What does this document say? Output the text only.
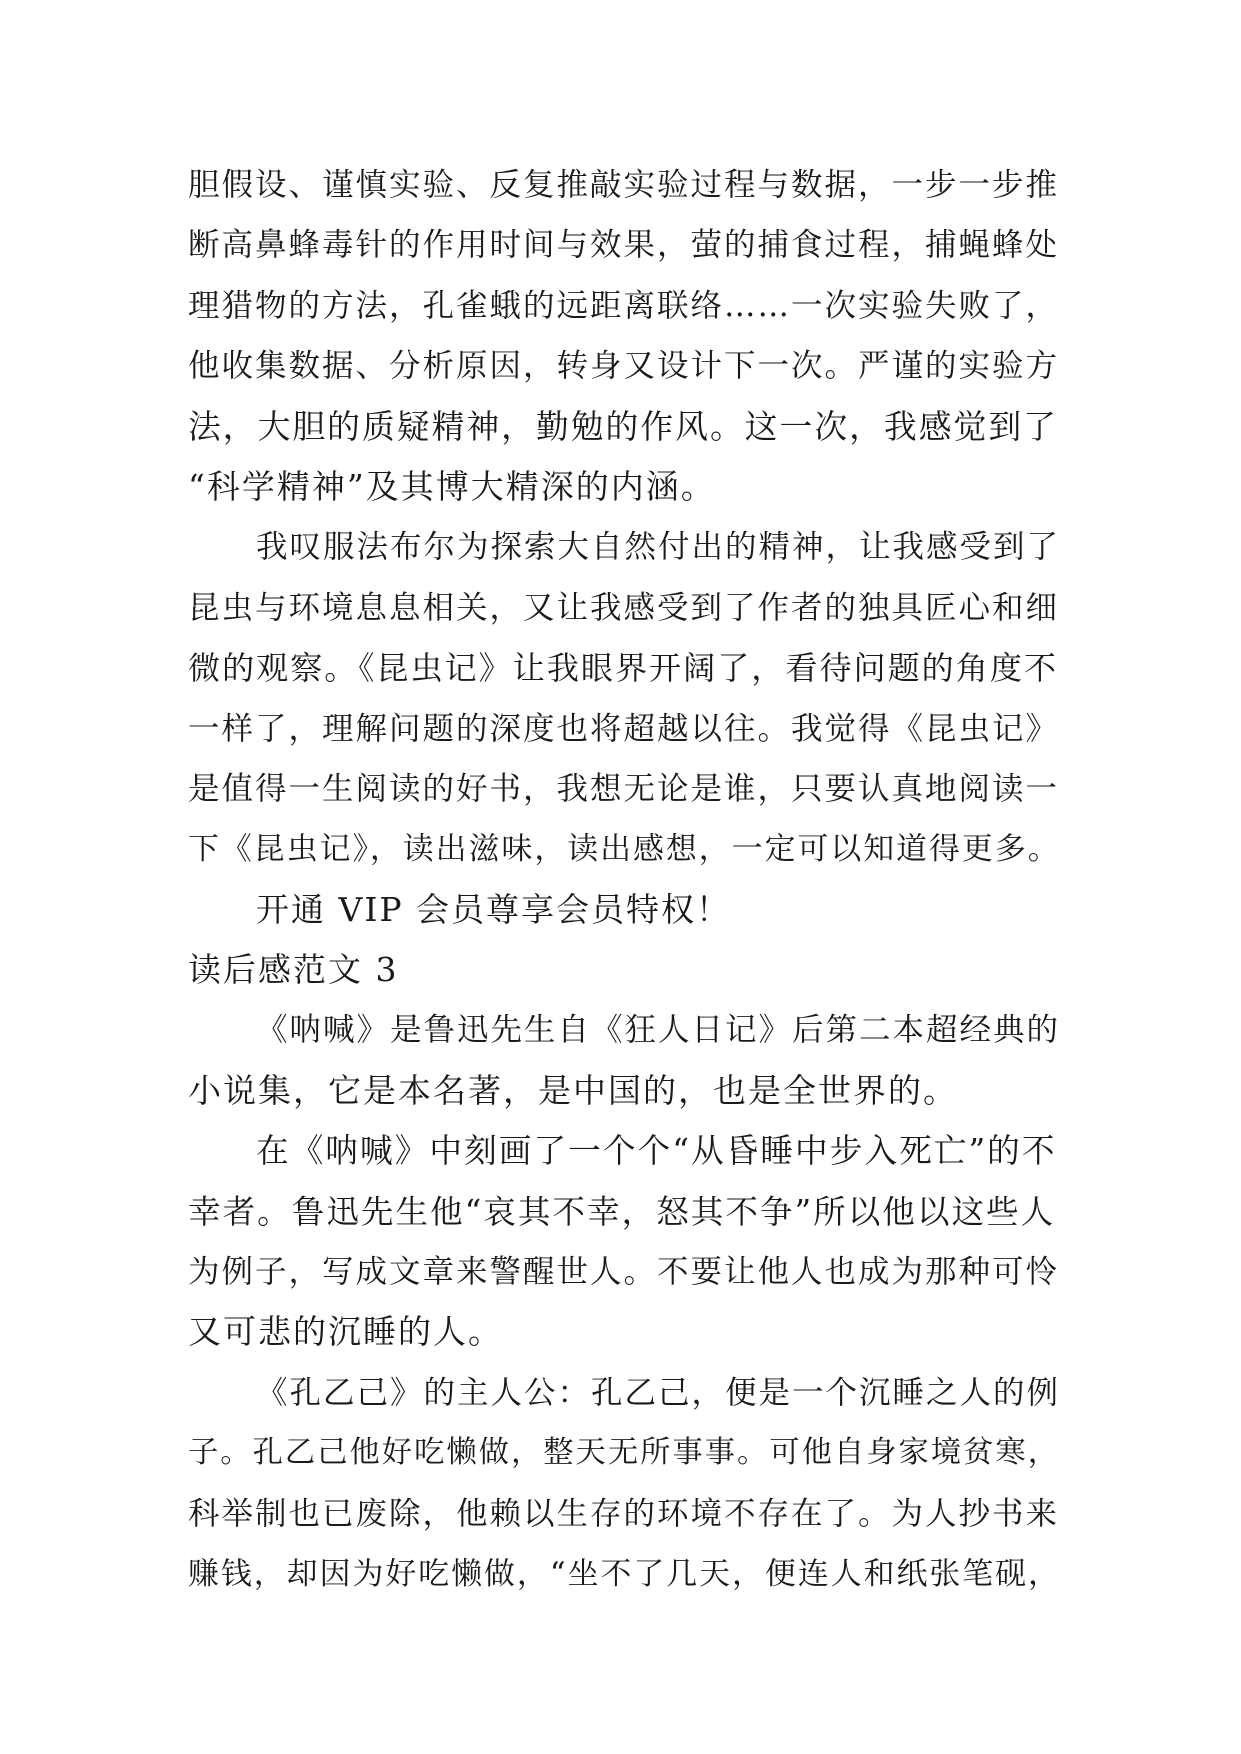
胆假设、谨慎实验、反复推敲实验过程与数据，一步一步推
断高鼻蜂毒针的作用时间与效果，萤的捕食过程，捕蝇蜂处
理猎物的方法，孔雀蛾的远距离联络……一次实验失败了，
他收集数据、分析原因，转身又设计下一次。严谨的实验方
法，大胆的质疑精神，勤勉的作风。这一次，我感觉到了
“科学精神”及其博大精深的内涵。
我叹服法布尔为探索大自然付出的精神，让我感受到了
昆虫与环境息息相关，又让我感受到了作者的独具匠心和细
微的观察。《昆虫记》让我眼界开阔了，看待问题的角度不
一样了，理解问题的深度也将超越以往。我觉得《昆虫记》
是值得一生阅读的好书，我想无论是谁，只要认真地阅读一
下《昆虫记》，读出滋味，读出感想，一定可以知道得更多。
开通 VIP 会员尊享会员特权！
读后感范文 3
《呐喊》是鲁迅先生自《狂人日记》后第二本超经典的
小说集，它是本名著，是中国的，也是全世界的。
在《呐喊》中刻画了一个个“从昏睡中步入死亡”的不
幸者。鲁迅先生他“哀其不幸，怒其不争”所以他以这些人
为例子，写成文章来警醒世人。不要让他人也成为那种可怜
又可悲的沉睡的人。
《孔乙己》的主人公：孔乙己，便是一个沉睡之人的例
子。孔乙己他好吃懒做，整天无所事事。可他自身家境贫寒，
科举制也已废除，他赖以生存的环境不存在了。为人抄书来
赚钱，却因为好吃懒做，“坐不了几天，便连人和纸张笔砚，
